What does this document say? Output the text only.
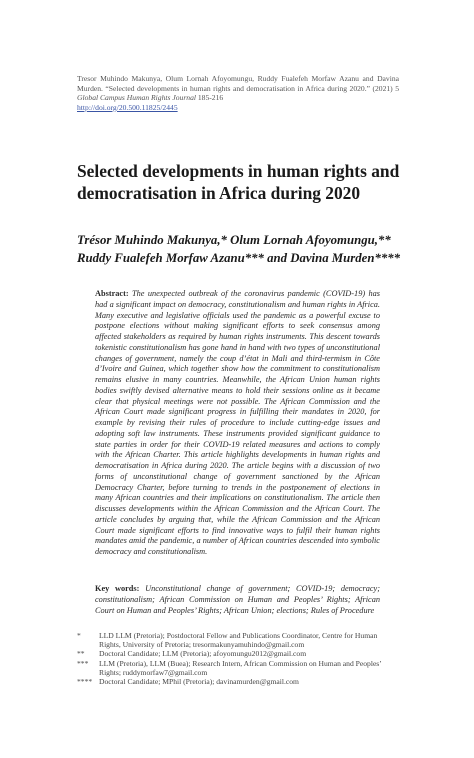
Tresor Muhindo Makunya, Olum Lornah Afoyomungu, Ruddy Fualefeh Morfaw Azanu and Davina Murden. “Selected developments in human rights and democratisation in Africa during 2020.” (2021) 5 Global Campus Human Rights Journal 185-216
http://doi.org/20.500.11825/2445
Selected developments in human rights and democratisation in Africa during 2020
Trésor Muhindo Makunya,* Olum Lornah Afoyomungu,**
Ruddy Fualefeh Morfaw Azanu*** and Davina Murden****
Abstract: The unexpected outbreak of the coronavirus pandemic (COVID-19) has had a significant impact on democracy, constitutionalism and human rights in Africa. Many executive and legislative officials used the pandemic as a powerful excuse to postpone elections without making significant efforts to seek consensus among affected stakeholders as required by human rights instruments. This descent towards tokenistic constitutionalism has gone hand in hand with two types of unconstitutional changes of government, namely the coup d’état in Mali and third-termism in Côte d’Ivoire and Guinea, which together show how the commitment to constitutionalism remains elusive in many countries. Meanwhile, the African Union human rights bodies swiftly devised alternative means to hold their sessions online as it became clear that physical meetings were not possible. The African Commission and the African Court made significant progress in fulfilling their mandates in 2020, for example by revising their rules of procedure to include cutting-edge issues and adopting soft law instruments. These instruments provided significant guidance to state parties in order for their COVID-19 related measures and actions to comply with the African Charter. This article highlights developments in human rights and democratisation in Africa during 2020. The article begins with a discussion of two forms of unconstitutional change of government sanctioned by the African Democracy Charter, before turning to trends in the postponement of elections in many African countries and their implications on constitutionalism. The article then discusses developments within the African Commission and the African Court. The article concludes by arguing that, while the African Commission and the African Court made significant efforts to find innovative ways to fulfil their human rights mandates amid the pandemic, a number of African countries descended into symbolic democracy and constitutionalism.
Key words: Unconstitutional change of government; COVID-19; democracy; constitutionalism; African Commission on Human and Peoples’ Rights; African Court on Human and Peoples’ Rights; African Union; elections; Rules of Procedure
*	LLD LLM (Pretoria); Postdoctoral Fellow and Publications Coordinator, Centre for Human Rights, University of Pretoria; tresormakunyamuhindo@gmail.com
**	Doctoral Candidate; LLM (Pretoria); afoyomungu2012@gmail.com
***	LLM (Pretoria), LLM (Buea); Research Intern, African Commission on Human and Peoples’ Rights; ruddymorfaw7@gmail.com
**** Doctoral Candidate; MPhil (Pretoria); davinamurden@gmail.com
